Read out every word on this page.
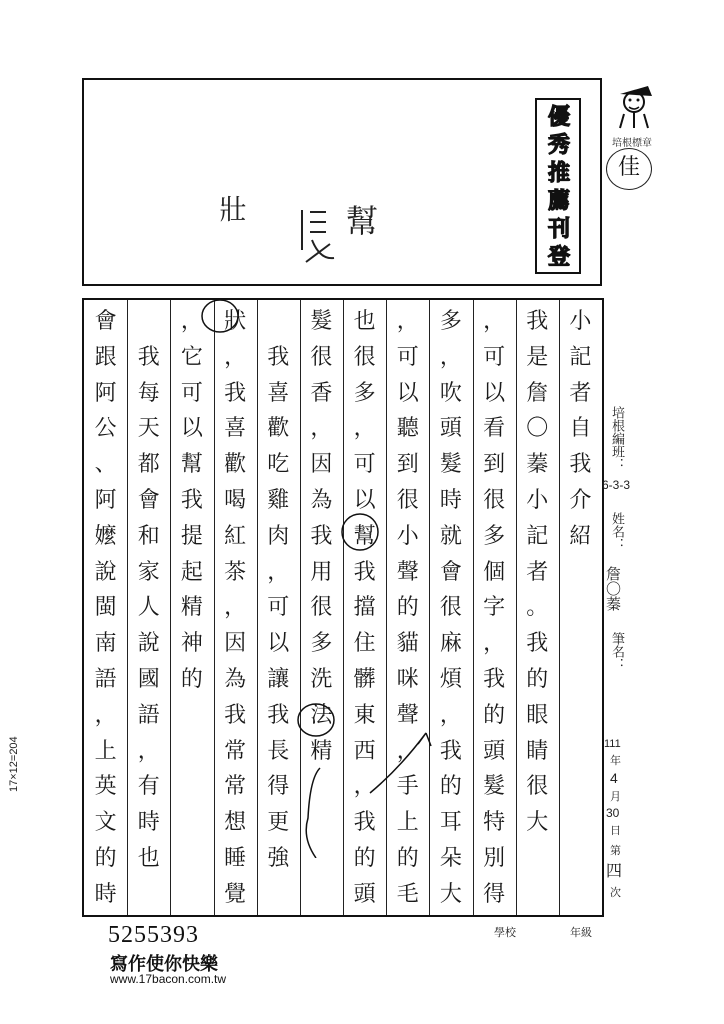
壯	幫
優
秀
推
薦
刊
登
培根標章
佳
小
記
者
自
我
介
紹
我
是
詹
〇
蓁
小
記
者
。
我
的
眼
睛
很
大
，
可
以
看
到
很
多
個
字
，
我
的
頭
髮
特
別
得
多
，
吹
頭
髮
時
就
會
很
麻
煩
，
我
的
耳
朵
大
，
可
以
聽
到
很
小
聲
的
貓
咪
聲
，
手
上
的
毛
也
很
多
，
可
以
幫
我
擋
住
髒
東
西
，
我
的
頭
髮
很
香
，
因
為
我
用
很
多
洗
法
精
我
喜
歡
吃
雞
肉
，
可
以
讓
我
長
得
更
強
狀
，
我
喜
歡
喝
紅
茶
，
因
為
我
常
常
想
睡
覺
，
它
可
以
幫
我
提
起
精
神
的
我
每
天
都
會
和
家
人
說
國
語
，
有
時
也
會
跟
阿
公
、
阿
嬤
說
閩
南
語
，
上
英
文
的
時
培根編班：
6-3-3
姓名：
詹〇蓁
筆名：
111
年
4
月
30
日
第
四
次
17×12=204
5255393
寫作使你快樂
www.17bacon.com.tw
學校	年級
